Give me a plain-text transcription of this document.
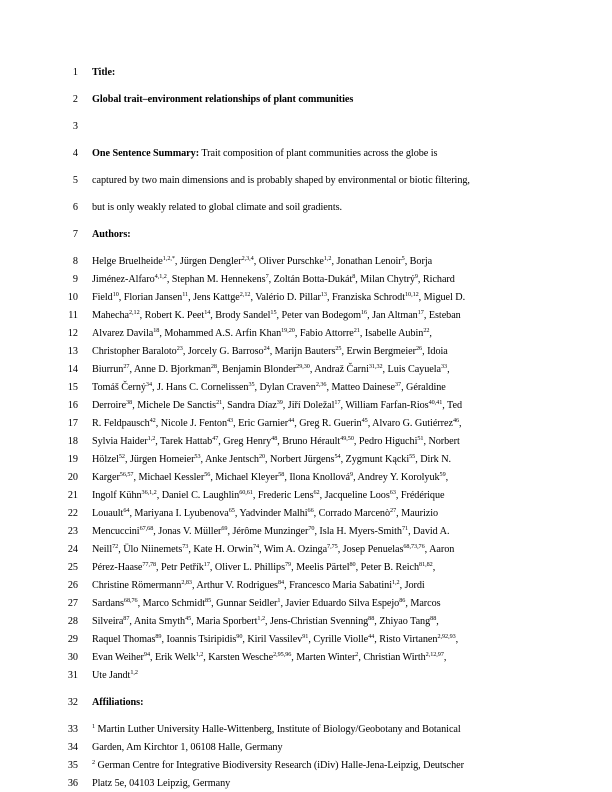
1 Title:
2 Global trait–environment relationships of plant communities
3
4 One Sentence Summary: Trait composition of plant communities across the globe is
5 captured by two main dimensions and is probably shaped by environmental or biotic filtering,
6 but is only weakly related to global climate and soil gradients.
7 Authors:
8 Helge Bruelheide$^{1,2,*}$, Jürgen Dengler$^{2,3,4}$, Oliver Purschke$^{1,2}$, Jonathan Lenoir$^5$, Borja
9 Jiménez-Alfaro$^{4,1,2}$, Stephan M. Hennekens$^7$, Zoltán Botta-Dukát$^8$, Milan Chytrý$^9$, Richard
10 Field$^{10}$, Florian Jansen$^{11}$, Jens Kattge$^{2,12}$, Valério D. Pillar$^{13}$, Franziska Schrodt$^{10,12}$, Miguel D.
11 Mahecha$^{2,12}$, Robert K. Peet$^{14}$, Brody Sandel$^{15}$, Peter van Bodegom$^{16}$, Jan Altman$^{17}$, Esteban
12 Alvarez Davila$^{18}$, Mohammed A.S. Arfin Khan$^{19,20}$, Fabio Attorre$^{21}$, Isabelle Aubin$^{22}$,
13 Christopher Baraloto$^{23}$, Jorcely G. Barroso$^{24}$, Marijn Bauters$^{25}$, Erwin Bergmeier$^{26}$, Idoia
14 Biurrun$^{27}$, Anne D. Bjorkman$^{28}$, Benjamin Blonder$^{29,30}$, Andraž Čarni$^{31,32}$, Luis Cayuela$^{33}$,
15 Tomáš Černý$^{34}$, J. Hans C. Cornelissen$^{35}$, Dylan Craven$^{2,36}$, Matteo Dainese$^{37}$, Géraldine
16 Derroire$^{38}$, Michele De Sanctis$^{21}$, Sandra Díaz$^{39}$, Jiří Doležal$^{17}$, William Farfan-Rios$^{40,41}$, Ted
17 R. Feldpausch$^{42}$, Nicole J. Fenton$^{43}$, Eric Garnier$^{44}$, Greg R. Guerin$^{45}$, Alvaro G. Gutiérrez$^{46}$,
18 Sylvia Haider$^{1,2}$, Tarek Hattab$^{47}$, Greg Henry$^{48}$, Bruno Hérault$^{49,50}$, Pedro Higuchi$^{51}$, Norbert
19 Hölzel$^{52}$, Jürgen Homeier$^{53}$, Anke Jentsch$^{20}$, Norbert Jürgens$^{54}$, Zygmunt Kącki$^{55}$, Dirk N.
20 Karger$^{56,57}$, Michael Kessler$^{56}$, Michael Kleyer$^{58}$, Ilona Knollová$^9$, Andrey Y. Korolyuk$^{59}$,
21 Ingolf Kühn$^{36,1,2}$, Daniel C. Laughlin$^{60,61}$, Frederic Lens$^{62}$, Jacqueline Loos$^{63}$, Frédérique
22 Louault$^{64}$, Mariyana I. Lyubenova$^{65}$, Yadvinder Malhi$^{66}$, Corrado Marcenò$^{27}$, Maurizio
23 Mencuccini$^{67,68}$, Jonas V. Müller$^{69}$, Jérôme Munzinger$^{70}$, Isla H. Myers-Smith$^{71}$, David A.
24 Neill$^{72}$, Ülo Niinemets$^{73}$, Kate H. Orwin$^{74}$, Wim A. Ozinga$^{7,75}$, Josep Penuelas$^{68,73,76}$, Aaron
25 Pérez-Haase$^{77,78}$, Petr Petřík$^{17}$, Oliver L. Phillips$^{79}$, Meelis Pärtel$^{80}$, Peter B. Reich$^{81,82}$,
26 Christine Römermann$^{2,83}$, Arthur V. Rodrigues$^{84}$, Francesco Maria Sabatini$^{1,2}$, Jordi
27 Sardans$^{68,76}$, Marco Schmidt$^{85}$, Gunnar Seidler$^1$, Javier Eduardo Silva Espejo$^{86}$, Marcos
28 Silveira$^{87}$, Anita Smyth$^{45}$, Maria Sporbert$^{1,2}$, Jens-Christian Svenning$^{88}$, Zhiyao Tang$^{88}$,
29 Raquel Thomas$^{89}$, Ioannis Tsiripidis$^{90}$, Kiril Vassilev$^{91}$, Cyrille Violle$^{44}$, Risto Virtanen$^{2,92,93}$,
30 Evan Weiher$^{94}$, Erik Welk$^{1,2}$, Karsten Wesche$^{2,95,96}$, Marten Winter$^2$, Christian Wirth$^{2,12,97}$,
31 Ute Jandt$^{1,2}$
32 Affiliations:
33 $^1$ Martin Luther University Halle-Wittenberg, Institute of Biology/Geobotany and Botanical
34 Garden, Am Kirchtor 1, 06108 Halle, Germany
35 $^2$ German Centre for Integrative Biodiversity Research (iDiv) Halle-Jena-Leipzig, Deutscher
36 Platz 5e, 04103 Leipzig, Germany
